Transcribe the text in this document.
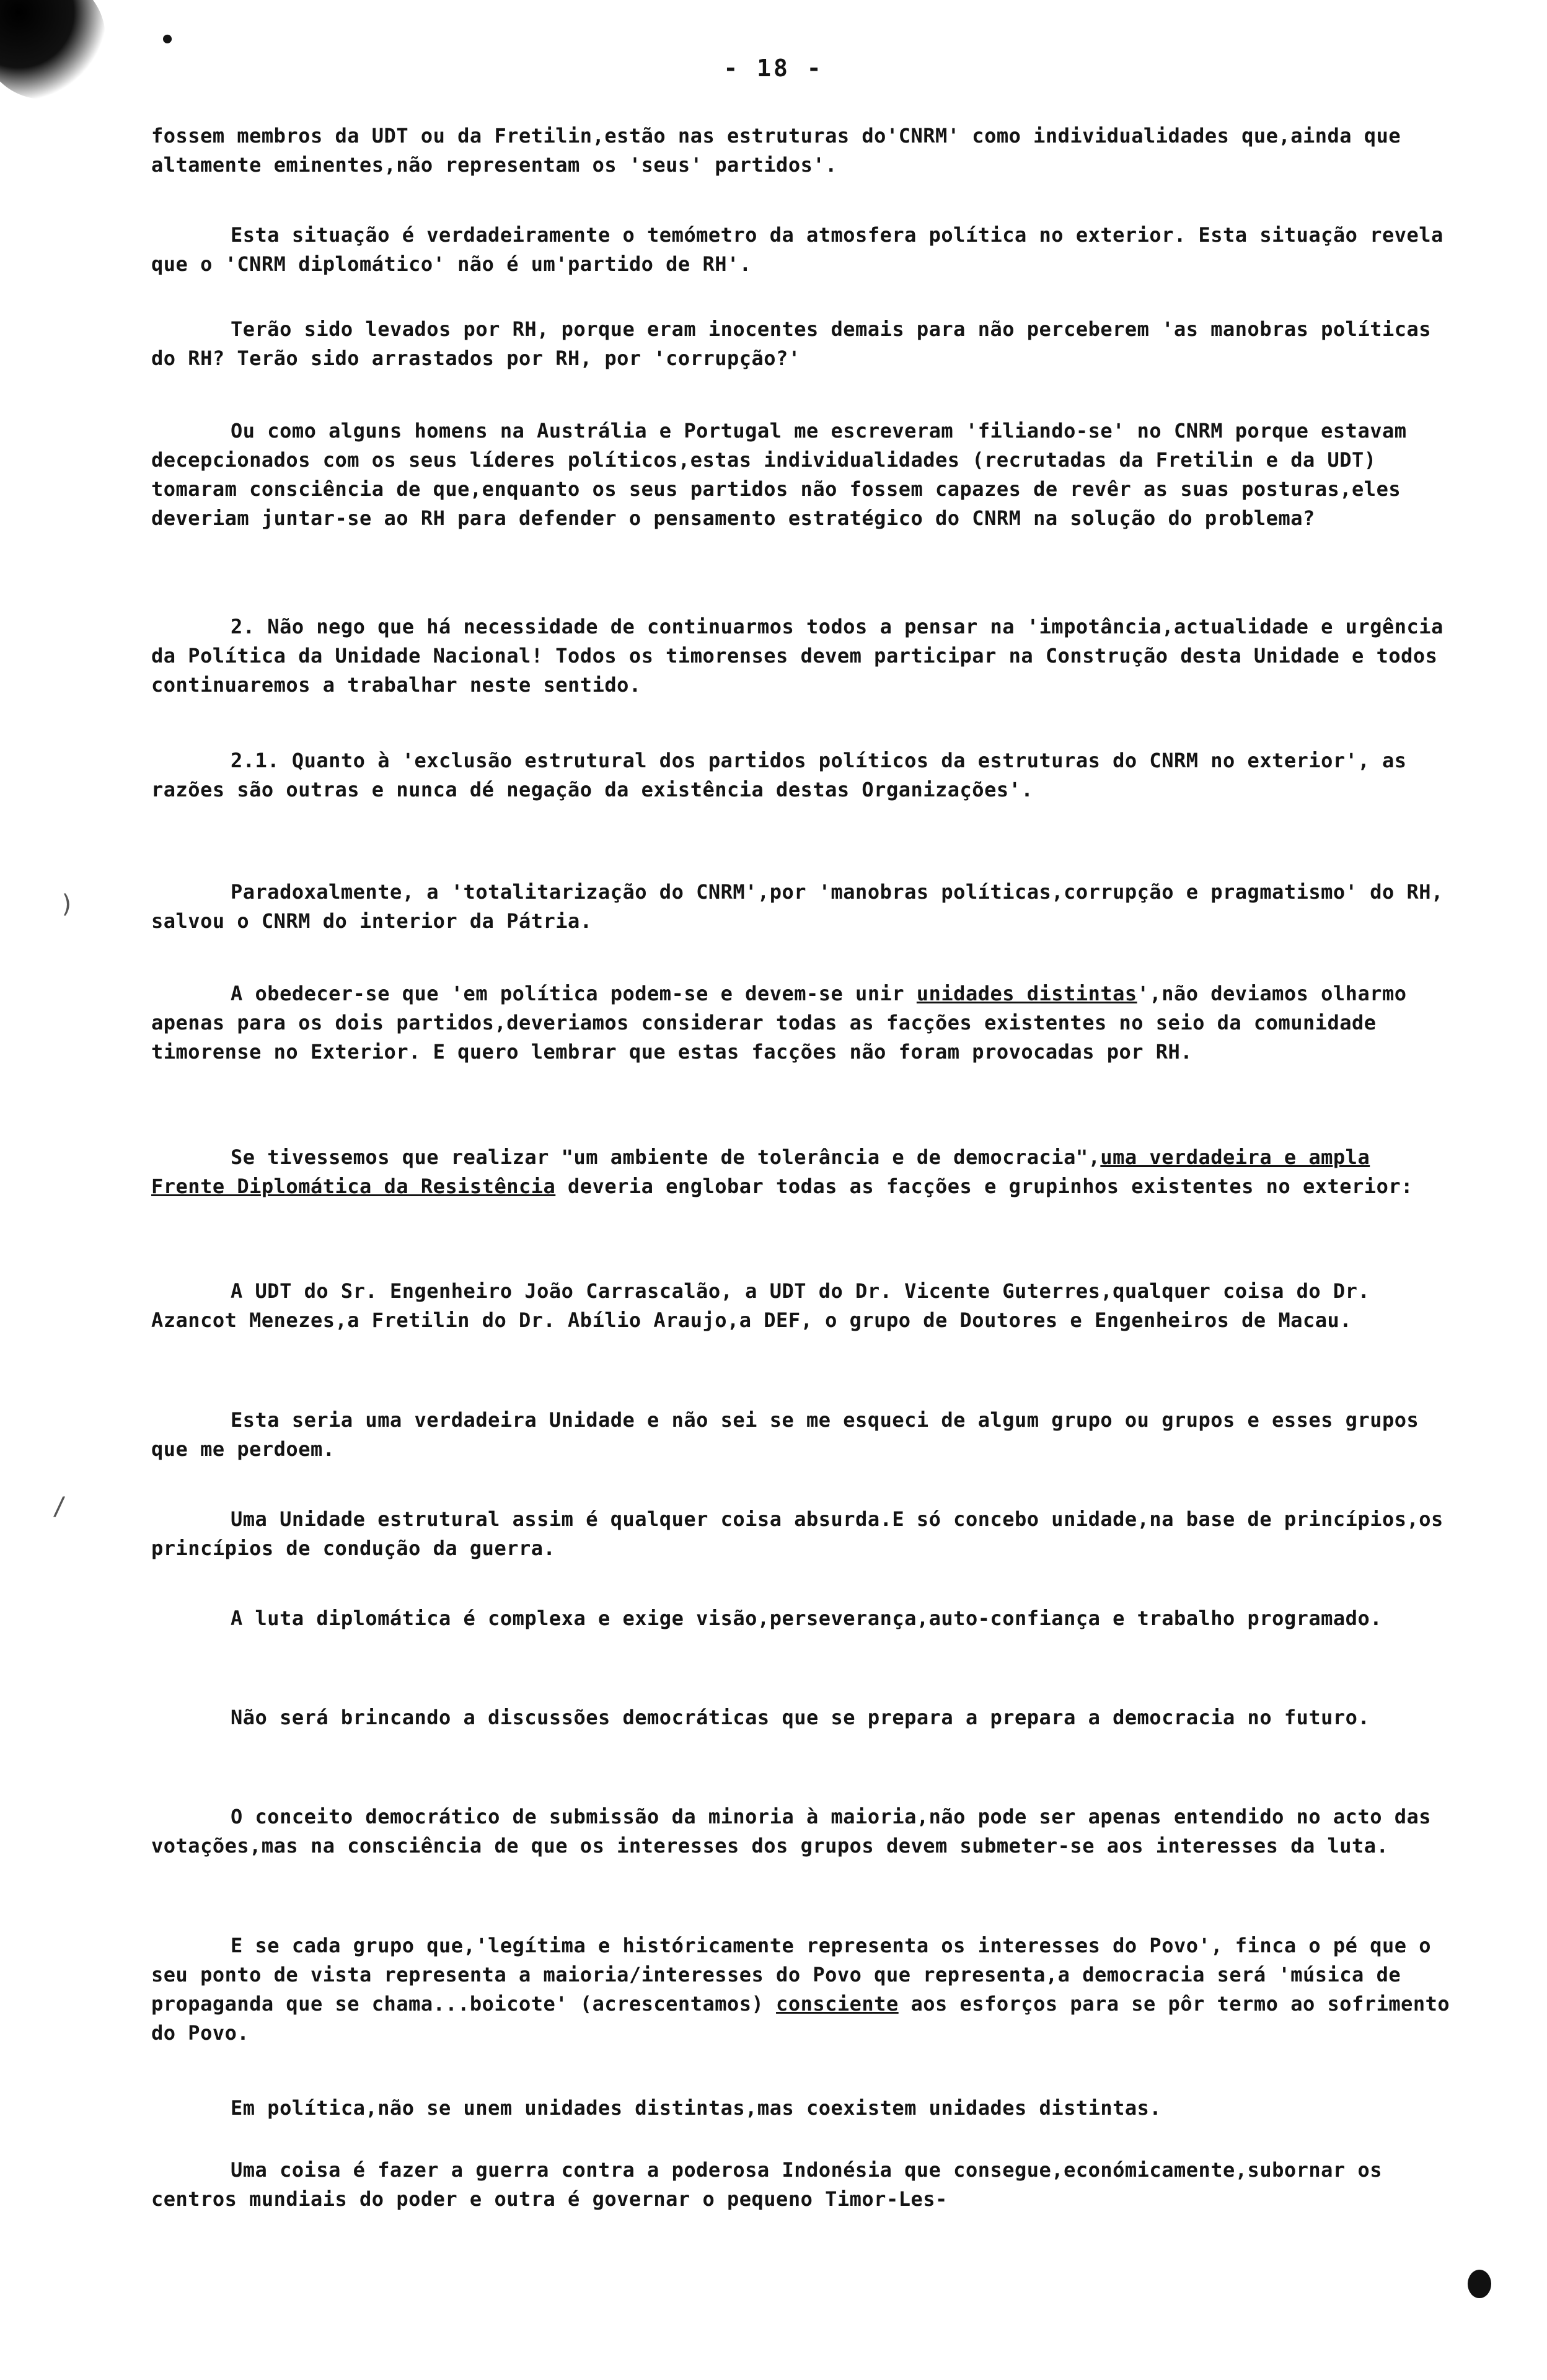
•
)
/
- 18 -

fossem membros da UDT ou da Fretilin,estão nas estruturas do'CNRM' como individualidades que,ainda que altamente eminentes,não representam os 'seus' partidos'.

Esta situação é verdadeiramente o temómetro da atmosfera política no exterior. Esta situação revela que o 'CNRM diplomático' não é um'partido de RH'.

Terão sido levados por RH, porque eram inocentes demais para não perceberem 'as manobras políticas do RH? Terão sido arrastados por RH, por 'corrupção?'

Ou como alguns homens na Austrália e Portugal me escreveram 'filiando-se' no CNRM porque estavam decepcionados com os seus líderes políticos,estas individualidades (recrutadas da Fretilin e da UDT) tomaram consciência de que,enquanto os seus partidos não fossem capazes de revêr as suas posturas,eles deveriam juntar-se ao RH para defender o pensamento estratégico do CNRM na solução do problema?

2. Não nego que há necessidade de continuarmos todos a pensar na 'impotância,actualidade e urgência da Política da Unidade Nacional! Todos os timorenses devem participar na Construção desta Unidade e todos continuaremos a trabalhar neste sentido.

2.1. Quanto à 'exclusão estrutural dos partidos políticos da estruturas do CNRM no exterior', as razões são outras e nunca dé negação da existência destas Organizações'.

Paradoxalmente, a 'totalitarização do CNRM',por 'manobras políticas,corrupção e pragmatismo' do RH, salvou o CNRM do interior da Pátria.

A obedecer-se que 'em política podem-se e devem-se unir unidades distintas',não deviamos olharmo apenas para os dois partidos,deveriamos considerar todas as facções existentes no seio da comunidade timorense no Exterior. E quero lembrar que estas facções não foram provocadas por RH.

Se tivessemos que realizar "um ambiente de tolerância e de democracia",uma verdadeira e ampla Frente Diplomática da Resistência deveria englobar todas as facções e grupinhos existentes no exterior:

A UDT do Sr. Engenheiro João Carrascalão, a UDT do Dr. Vicente Guterres,qualquer coisa do Dr. Azancot Menezes,a Fretilin do Dr. Abílio Araujo,a DEF, o grupo de Doutores e Engenheiros de Macau.

Esta seria uma verdadeira Unidade e não sei se me esqueci de algum grupo ou grupos e esses grupos que me perdoem.

Uma Unidade estrutural assim é qualquer coisa absurda.E só concebo unidade,na base de princípios,os princípios de condução da guerra.

A luta diplomática é complexa e exige visão,perseverança,auto-confiança e trabalho programado.

Não será brincando a discussões democráticas que se prepara a prepara a democracia no futuro.

O conceito democrático de submissão da minoria à maioria,não pode ser apenas entendido no acto das votações,mas na consciência de que os interesses dos grupos devem submeter-se aos interesses da luta.

E se cada grupo que,'legítima e históricamente representa os interesses do Povo', finca o pé que o seu ponto de vista representa a maioria/interesses do Povo que representa,a democracia será 'música de propaganda que se chama...boicote' (acrescentamos) consciente aos esforços para se pôr termo ao sofrimento do Povo.

Em política,não se unem unidades distintas,mas coexistem unidades distintas.

Uma coisa é fazer a guerra contra a poderosa Indonésia que consegue,económicamente,subornar os centros mundiais do poder e outra é governar o pequeno Timor-Les-
